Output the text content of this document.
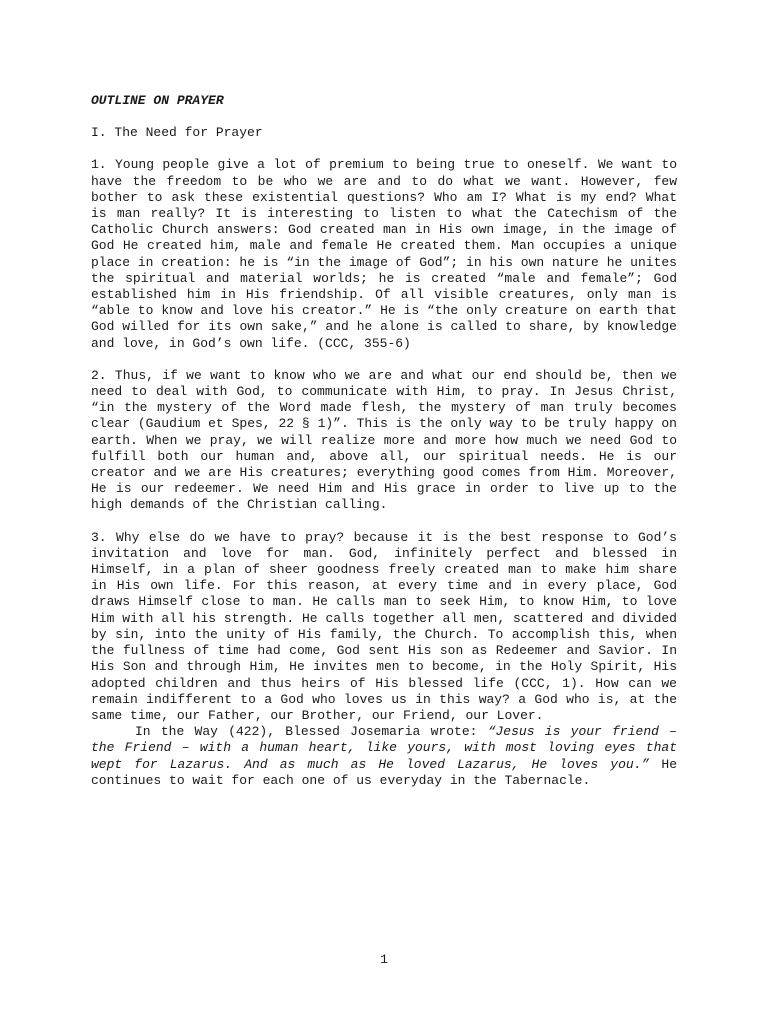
OUTLINE ON PRAYER
I. The Need for Prayer
1. Young people give a lot of premium to being true to oneself. We want to have the freedom to be who we are and to do what we want. However, few bother to ask these existential questions? Who am I? What is my end? What is man really? It is interesting to listen to what the Catechism of the Catholic Church answers: God created man in His own image, in the image of God He created him, male and female He created them. Man occupies a unique place in creation: he is “in the image of God”; in his own nature he unites the spiritual and material worlds; he is created “male and female”; God established him in His friendship. Of all visible creatures, only man is “able to know and love his creator.” He is “the only creature on earth that God willed for its own sake,” and he alone is called to share, by knowledge and love, in God’s own life. (CCC, 355-6)
2. Thus, if we want to know who we are and what our end should be, then we need to deal with God, to communicate with Him, to pray. In Jesus Christ, “in the mystery of the Word made flesh, the mystery of man truly becomes clear (Gaudium et Spes, 22 § 1)”. This is the only way to be truly happy on earth. When we pray, we will realize more and more how much we need God to fulfill both our human and, above all, our spiritual needs. He is our creator and we are His creatures; everything good comes from Him. Moreover, He is our redeemer. We need Him and His grace in order to live up to the high demands of the Christian calling.
3. Why else do we have to pray? because it is the best response to God’s invitation and love for man. God, infinitely perfect and blessed in Himself, in a plan of sheer goodness freely created man to make him share in His own life. For this reason, at every time and in every place, God draws Himself close to man. He calls man to seek Him, to know Him, to love Him with all his strength. He calls together all men, scattered and divided by sin, into the unity of His family, the Church. To accomplish this, when the fullness of time had come, God sent His son as Redeemer and Savior. In His Son and through Him, He invites men to become, in the Holy Spirit, His adopted children and thus heirs of His blessed life (CCC, 1). How can we remain indifferent to a God who loves us in this way? a God who is, at the same time, our Father, our Brother, our Friend, our Lover.
In the Way (422), Blessed Josemaria wrote: “Jesus is your friend – the Friend – with a human heart, like yours, with most loving eyes that wept for Lazarus. And as much as He loved Lazarus, He loves you.” He continues to wait for each one of us everyday in the Tabernacle.
1
